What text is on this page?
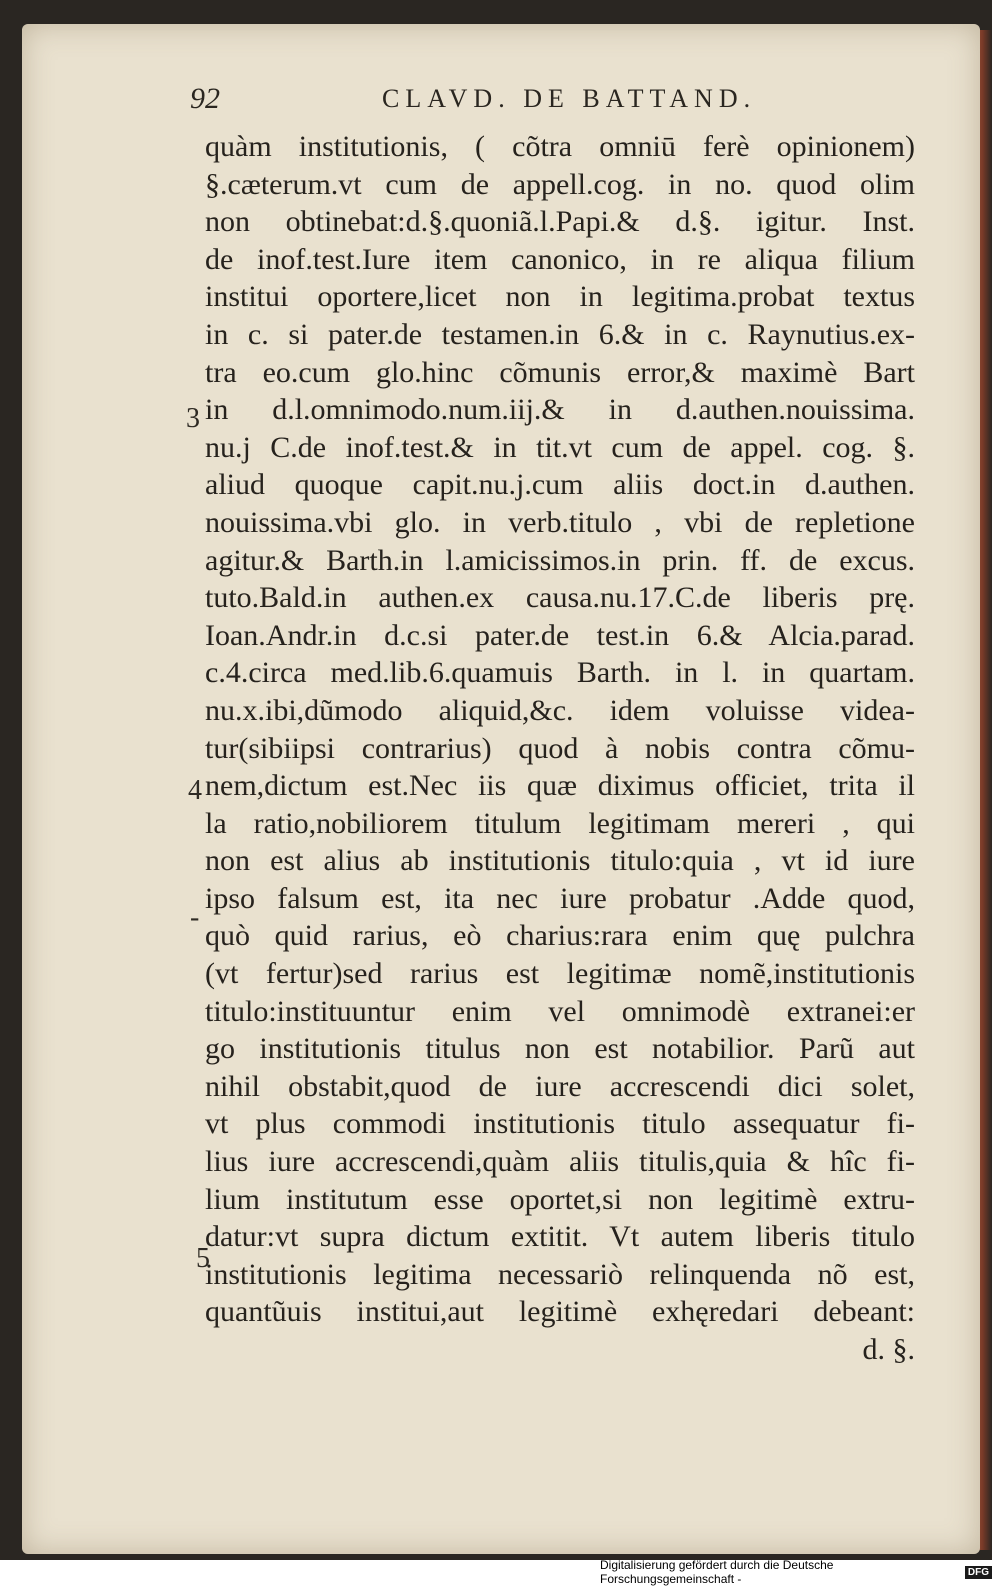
92	CLAVD. DE BATTAND.
3
4
-
5
quàm institutionis, ( cõtra omniū ferè opinionem)
§.cæterum.vt cum de appell.cog. in no. quod olim
non obtinebat:d.§.quoniã.l.Papi.& d.§. igitur. Inst.
de inof.test.Iure item canonico, in re aliqua filium
institui oportere,licet non in legitima.probat textus
in c. si pater.de testamen.in 6.& in c. Raynutius.ex-
tra eo.cum glo.hinc cõmunis error,& maximè Bart
in d.l.omnimodo.num.iij.& in d.authen.nouissima.
nu.j C.de inof.test.& in tit.vt cum de appel. cog. §.
aliud quoque capit.nu.j.cum aliis doct.in d.authen.
nouissima.vbi glo. in verb.titulo , vbi de repletione
agitur.& Barth.in l.amicissimos.in prin. ff. de excus.
tuto.Bald.in authen.ex causa.nu.17.C.de liberis prę.
Ioan.Andr.in d.c.si pater.de test.in 6.& Alcia.parad.
c.4.circa med.lib.6.quamuis Barth. in l. in quartam.
nu.x.ibi,dũmodo aliquid,&c. idem voluisse videa-
tur(sibiipsi contrarius) quod à nobis contra cõmu-
nem,dictum est.Nec iis quæ diximus officiet, trita il
la ratio,nobiliorem titulum legitimam mereri , qui
non est alius ab institutionis titulo:quia , vt id iure
ipso falsum est, ita nec iure probatur .Adde quod,
quò quid rarius, eò charius:rara enim quę pulchra
(vt fertur)sed rarius est legitimæ nomẽ,institutionis
titulo:instituuntur enim vel omnimodè extranei:er
go institutionis titulus non est notabilior. Parũ aut
nihil obstabit,quod de iure accrescendi dici solet,
vt plus commodi institutionis titulo assequatur fi-
lius iure accrescendi,quàm aliis titulis,quia & hîc fi-
lium institutum esse oportet,si non legitimè extru-
datur:vt supra dictum extitit. Vt autem liberis titulo
institutionis legitima necessariò relinquenda nõ est,
quantũuis institui,aut legitimè exhęredari debeant:
d. §.
Digitalisierung gefördert durch die Deutsche Forschungsgemeinschaft -	DFG
